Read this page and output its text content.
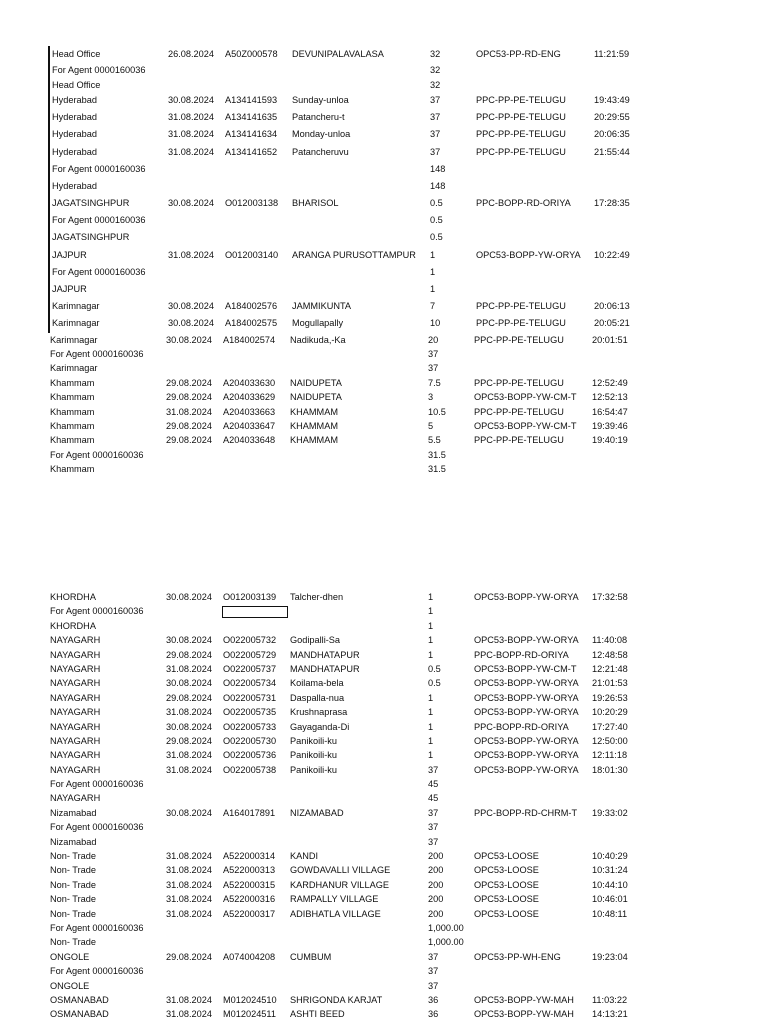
Head Office	26.08.2024 A50Z000578 DEVUNIPALAVALASA	32	OPC53-PP-RD-ENG	11:21:59
For Agent 0000160036	32
Head Office	32
Hyderabad	30.08.2024 A134141593 Sunday-unloa	37	PPC-PP-PE-TELUGU	19:43:49
Hyderabad	31.08.2024 A134141635 Patancheru-t	37	PPC-PP-PE-TELUGU	20:29:55
Hyderabad	31.08.2024 A134141634 Monday-unloa	37	PPC-PP-PE-TELUGU	20:06:35
Hyderabad	31.08.2024 A134141652 Patancheruvu	37	PPC-PP-PE-TELUGU	21:55:44
For Agent 0000160036	148
Hyderabad	148
JAGATSINGHPUR	30.08.2024 O012003138 BHARISOL	0.5	PPC-BOPP-RD-ORIYA	17:28:35
For Agent 0000160036	0.5
JAGATSINGHPUR	0.5
JAJPUR	31.08.2024 O012003140 ARANGA PURUSOTTAMPUR 1	OPC53-BOPP-YW-ORYA 10:22:49
For Agent 0000160036	1
JAJPUR	1
Karimnagar	30.08.2024 A184002576 JAMMIKUNTA	7	PPC-PP-PE-TELUGU	20:06:13
Karimnagar	30.08.2024 A184002575 Mogullapally	10	PPC-PP-PE-TELUGU	20:05:21
Karimnagar	30.08.2024 A184002574 Nadikuda,-Ka	20	PPC-PP-PE-TELUGU	20:01:51
For Agent 0000160036	37
Karimnagar	37
Khammam	29.08.2024 A204033630 NAIDUPETA	7.5	PPC-PP-PE-TELUGU	12:52:49
Khammam	29.08.2024 A204033629 NAIDUPETA	3	OPC53-BOPP-YW-CM-T 12:52:13
Khammam	31.08.2024 A204033663 KHAMMAM	10.5	PPC-PP-PE-TELUGU	16:54:47
Khammam	29.08.2024 A204033647 KHAMMAM	5	OPC53-BOPP-YW-CM-T 19:39:46
Khammam	29.08.2024 A204033648 KHAMMAM	5.5	PPC-PP-PE-TELUGU	19:40:19
For Agent 0000160036	31.5
Khammam	31.5
KHORDHA	30.08.2024 O012003139 Talcher-dhen	1	OPC53-BOPP-YW-ORYA 17:32:58
For Agent 0000160036	1
KHORDHA	1
NAYAGARH	30.08.2024 O022005732 Godipalli-Sa	1	OPC53-BOPP-YW-ORYA 11:40:08
NAYAGARH	29.08.2024 O022005729 MANDHATAPUR	1	PPC-BOPP-RD-ORIYA	12:48:58
NAYAGARH	31.08.2024 O022005737 MANDHATAPUR	0.5	OPC53-BOPP-YW-CM-T 12:21:48
NAYAGARH	30.08.2024 O022005734 Koilama-bela	0.5	OPC53-BOPP-YW-ORYA 21:01:53
NAYAGARH	29.08.2024 O022005731 Daspalla-nua	1	OPC53-BOPP-YW-ORYA 19:26:53
NAYAGARH	31.08.2024 O022005735 Krushnaprasa	1	OPC53-BOPP-YW-ORYA 10:20:29
NAYAGARH	30.08.2024 O022005733 Gayaganda-Di	1	PPC-BOPP-RD-ORIYA	17:27:40
NAYAGARH	29.08.2024 O022005730 Panikoili-ku	1	OPC53-BOPP-YW-ORYA 12:50:00
NAYAGARH	31.08.2024 O022005736 Panikoili-ku	1	OPC53-BOPP-YW-ORYA 12:11:18
NAYAGARH	31.08.2024 O022005738 Panikoili-ku	37	OPC53-BOPP-YW-ORYA 18:01:30
For Agent 0000160036	45
NAYAGARH	45
Nizamabad	30.08.2024 A164017891 NIZAMABAD	37	PPC-BOPP-RD-CHRM-T 19:33:02
For Agent 0000160036	37
Nizamabad	37
Non- Trade	31.08.2024 A522000314 KANDI	200	OPC53-LOOSE	10:40:29
Non- Trade	31.08.2024 A522000313 GOWDAVALLI VILLAGE	200	OPC53-LOOSE	10:31:24
Non- Trade	31.08.2024 A522000315 KARDHANUR VILLAGE	200	OPC53-LOOSE	10:44:10
Non- Trade	31.08.2024 A522000316 RAMPALLY VILLAGE	200	OPC53-LOOSE	10:46:01
Non- Trade	31.08.2024 A522000317 ADIBHATLA VILLAGE	200	OPC53-LOOSE	10:48:11
For Agent 0000160036	1,000.00
Non- Trade	1,000.00
ONGOLE	29.08.2024 A074004208 CUMBUM	37	OPC53-PP-WH-ENG	19:23:04
For Agent 0000160036	37
ONGOLE	37
OSMANABAD	31.08.2024 M012024510 SHRIGONDA KARJAT	36	OPC53-BOPP-YW-MAH 11:03:22
OSMANABAD	31.08.2024 M012024511 ASHTI BEED	36	OPC53-BOPP-YW-MAH 14:13:21
